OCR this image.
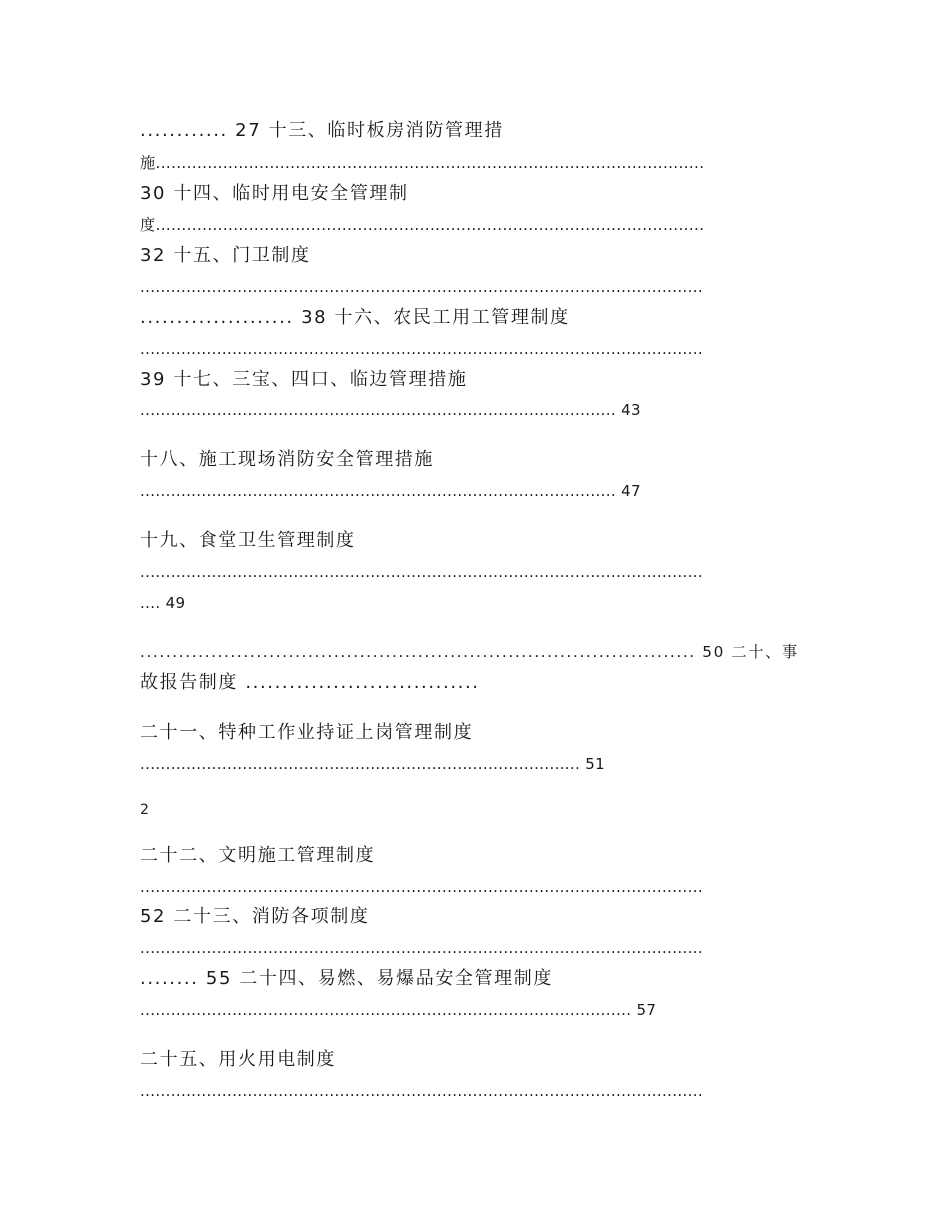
............ 27 十三、临时板房消防管理措
施..........................................................................................................
30 十四、临时用电安全管理制
度..........................................................................................................
32 十五、门卫制度
..............................................................................................................
..................... 38 十六、农民工用工管理制度
..............................................................................................................
39 十七、三宝、四口、临边管理措施
............................................................................................. 43
十八、施工现场消防安全管理措施
............................................................................................. 47
十九、食堂卫生管理制度
..............................................................................................................
.... 49
...................................................................................... 50 二十、事
故报告制度 ................................
二十一、特种工作业持证上岗管理制度
...................................................................................... 51
二十二、文明施工管理制度
..............................................................................................................
52 二十三、消防各项制度
..............................................................................................................
........ 55 二十四、易燃、易爆品安全管理制度
................................................................................................ 57
二十五、用火用电制度
..............................................................................................................
2
